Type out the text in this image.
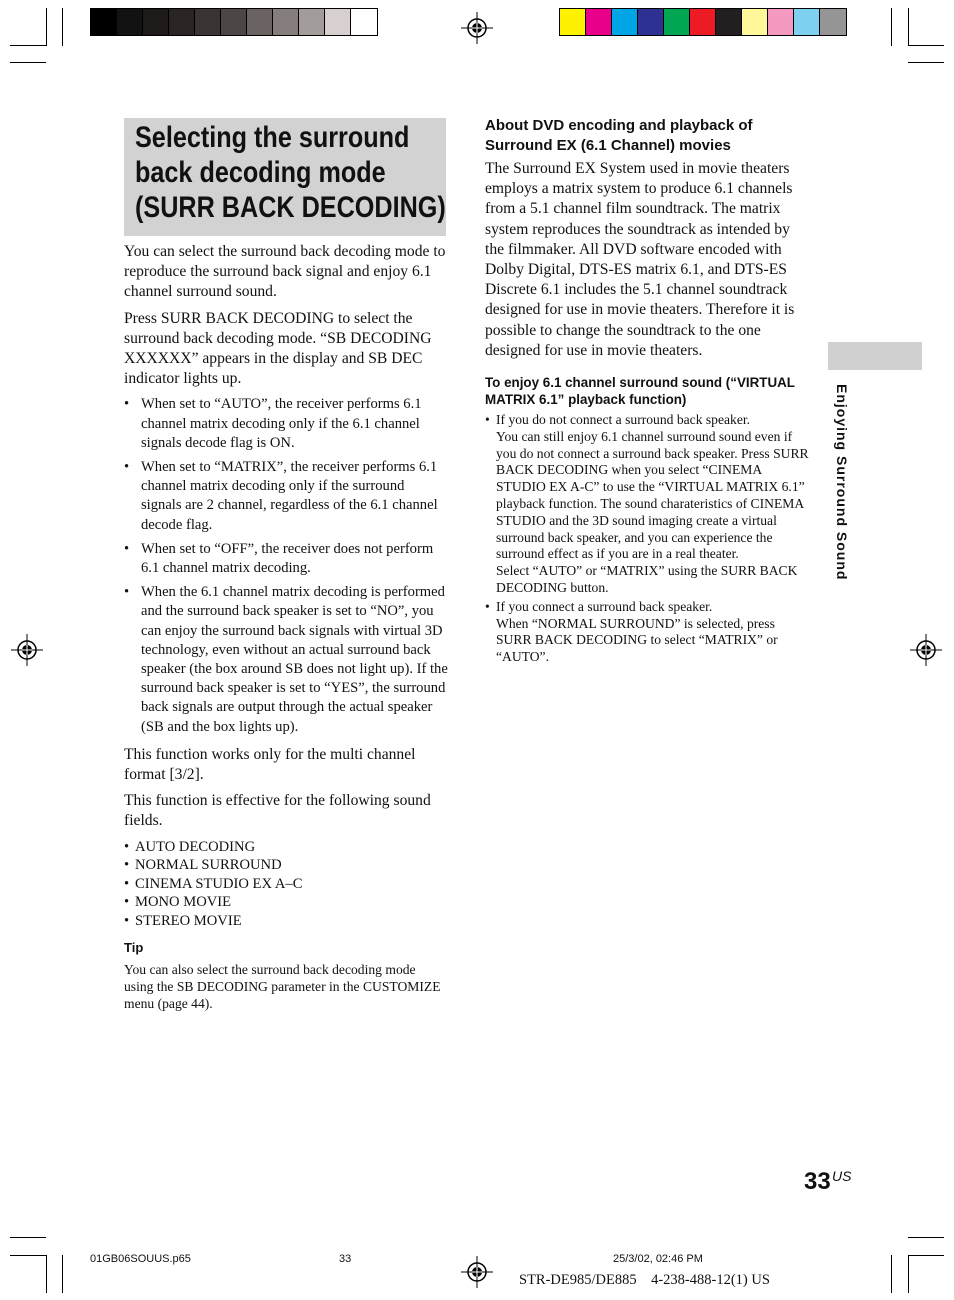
Selecting the surround
back decoding mode
(SURR BACK DECODING)

You can select the surround back decoding mode to reproduce the surround back signal and enjoy 6.1 channel surround sound.

Press SURR BACK DECODING to select the surround back decoding mode. “SB DECODING XXXXXX” appears in the display and SB DEC indicator lights up.

• When set to “AUTO”, the receiver performs 6.1 channel matrix decoding only if the 6.1 channel signals decode flag is ON.
• When set to “MATRIX”, the receiver performs 6.1 channel matrix decoding only if the surround signals are 2 channel, regardless of the 6.1 channel decode flag.
• When set to “OFF”, the receiver does not perform 6.1 channel matrix decoding.
• When the 6.1 channel matrix decoding is performed and the surround back speaker is set to “NO”, you can enjoy the surround back signals with virtual 3D technology, even without an actual surround back speaker (the box around SB does not light up). If the surround back speaker is set to “YES”, the surround back signals are output through the actual speaker (SB and the box lights up).

This function works only for the multi channel format [3/2].

This function is effective for the following sound fields.

• AUTO DECODING
• NORMAL SURROUND
• CINEMA STUDIO EX A–C
• MONO MOVIE
• STEREO MOVIE
Tip

You can also select the surround back decoding mode using the SB DECODING parameter in the CUSTOMIZE menu (page 44).

About DVD encoding and playback of Surround EX (6.1 Channel) movies

The Surround EX System used in movie theaters employs a matrix system to produce 6.1 channels from a 5.1 channel film soundtrack. The matrix system reproduces the soundtrack as intended by the filmmaker. All DVD software encoded with Dolby Digital, DTS-ES matrix 6.1, and DTS-ES Discrete 6.1 includes the 5.1 channel soundtrack designed for use in movie theaters. Therefore it is possible to change the soundtrack to the one designed for use in movie theaters.

To enjoy 6.1 channel surround sound (“VIRTUAL MATRIX 6.1” playback function)
• If you do not connect a surround back speaker.
You can still enjoy 6.1 channel surround sound even if you do not connect a surround back speaker. Press SURR BACK DECODING when you select “CINEMA STUDIO EX A-C” to use the “VIRTUAL MATRIX 6.1” playback function. The sound charateristics of CINEMA STUDIO and the 3D sound imaging create a virtual surround back speaker, and you can experience the surround effect as if you are in a real theater.
Select “AUTO” or “MATRIX” using the SURR BACK DECODING button.
• If you connect a surround back speaker.
When “NORMAL SURROUND” is selected, press SURR BACK DECODING to select “MATRIX” or “AUTO”.
Enjoying Surround Sound
33 US
01GB06SOUUS.p65	33	25/3/02, 02:46 PM
STR-DE985/DE885    4-238-488-12(1) US
